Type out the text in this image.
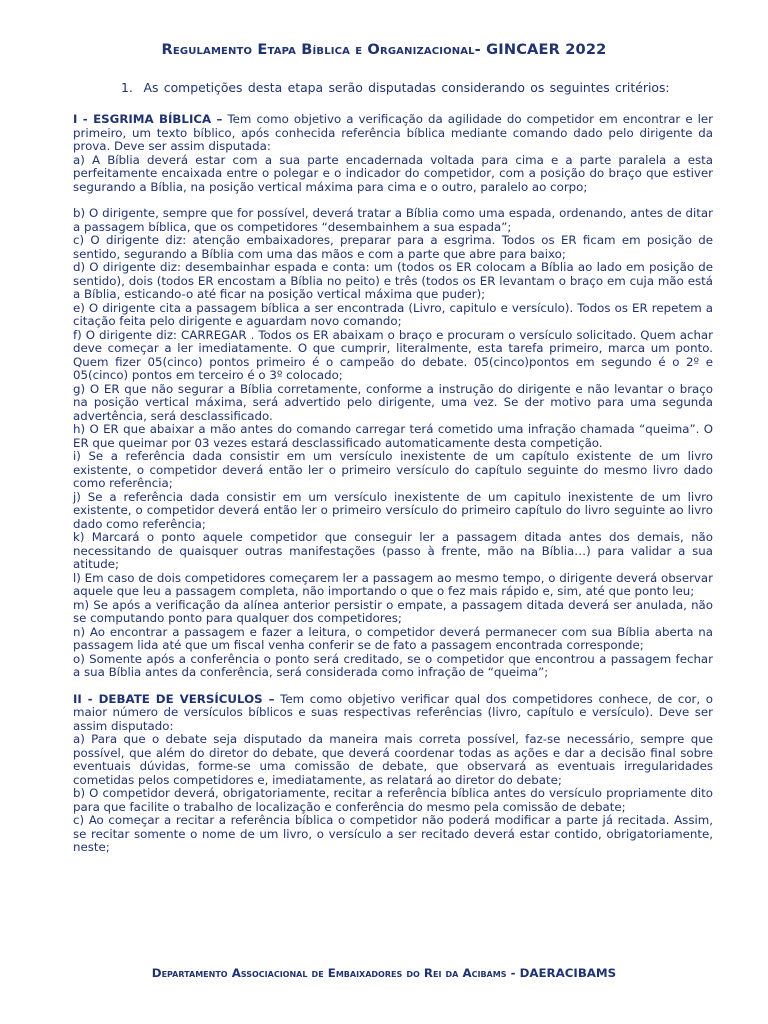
Regulamento Etapa Bíblica e Organizacional- GINCAER 2022
1. As competições desta etapa serão disputadas considerando os seguintes critérios:

I - ESGRIMA BÍBLICA – Tem como objetivo a verificação da agilidade do competidor em encontrar e ler primeiro, um texto bíblico, após conhecida referência bíblica mediante comando dado pelo dirigente da prova. Deve ser assim disputada:

a) A Bíblia deverá estar com a sua parte encadernada voltada para cima e a parte paralela a esta perfeitamente encaixada entre o polegar e o indicador do competidor, com a posição do braço que estiver segurando a Bíblia, na posição vertical máxima para cima e o outro, paralelo ao corpo;

b) O dirigente, sempre que for possível, deverá tratar a Bíblia como uma espada, ordenando, antes de ditar a passagem bíblica, que os competidores “desembainhem a sua espada”;

c) O dirigente diz: atenção embaixadores, preparar para a esgrima. Todos os ER ficam em posição de sentido, segurando a Bíblia com uma das mãos e com a parte que abre para baixo;

d) O dirigente diz: desembainhar espada e conta: um (todos os ER colocam a Bíblia ao lado em posição de sentido), dois (todos ER encostam a Bíblia no peito) e três (todos os ER levantam o braço em cuja mão está a Bíblia, esticando-o até ficar na posição vertical máxima que puder);

e) O dirigente cita a passagem bíblica a ser encontrada (Livro, capitulo e versículo). Todos os ER repetem a citação feita pelo dirigente e aguardam novo comando;

f) O dirigente diz: CARREGAR . Todos os ER abaixam o braço e procuram o versículo solicitado. Quem achar deve começar a ler imediatamente. O que cumprir, literalmente, esta tarefa primeiro, marca um ponto. Quem fizer 05(cinco) pontos primeiro é o campeão do debate. 05(cinco)pontos em segundo é o 2º e 05(cinco) pontos em terceiro é o 3º colocado;

g) O ER que não segurar a Bíblia corretamente, conforme a instrução do dirigente e não levantar o braço na posição vertical máxima, será advertido pelo dirigente, uma vez. Se der motivo para uma segunda advertência, será desclassificado.

h) O ER que abaixar a mão antes do comando carregar terá cometido uma infração chamada “queima”. O ER que queimar por 03 vezes estará desclassificado automaticamente desta competição.

i) Se a referência dada consistir em um versículo inexistente de um capítulo existente de um livro existente, o competidor deverá então ler o primeiro versículo do capítulo seguinte do mesmo livro dado como referência;

j) Se a referência dada consistir em um versículo inexistente de um capitulo inexistente de um livro existente, o competidor deverá então ler o primeiro versículo do primeiro capítulo do livro seguinte ao livro dado como referência;

k) Marcará o ponto aquele competidor que conseguir ler a passagem ditada antes dos demais, não necessitando de quaisquer outras manifestações (passo à frente, mão na Bíblia…) para validar a sua atitude;

l) Em caso de dois competidores começarem ler a passagem ao mesmo tempo, o dirigente deverá observar aquele que leu a passagem completa, não importando o que o fez mais rápido e, sim, até que ponto leu;

m) Se após a verificação da alínea anterior persistir o empate, a passagem ditada deverá ser anulada, não se computando ponto para qualquer dos competidores;

n) Ao encontrar a passagem e fazer a leitura, o competidor deverá permanecer com sua Bíblia aberta na passagem lida até que um fiscal venha conferir se de fato a passagem encontrada corresponde;

o) Somente após a conferência o ponto será creditado, se o competidor que encontrou a passagem fechar a sua Bíblia antes da conferência, será considerada como infração de “queima”;

II - DEBATE DE VERSÍCULOS – Tem como objetivo verificar qual dos competidores conhece, de cor, o maior número de versículos bíblicos e suas respectivas referências (livro, capítulo e versículo). Deve ser assim disputado:

a) Para que o debate seja disputado da maneira mais correta possível, faz-se necessário, sempre que possível, que além do diretor do debate, que deverá coordenar todas as ações e dar a decisão final sobre eventuais dúvidas, forme-se uma comissão de debate, que observará as eventuais irregularidades cometidas pelos competidores e, imediatamente, as relatará ao diretor do debate;

b) O competidor deverá, obrigatoriamente, recitar a referência bíblica antes do versículo propriamente dito para que facilite o trabalho de localização e conferência do mesmo pela comissão de debate;

c) Ao começar a recitar a referência bíblica o competidor não poderá modificar a parte já recitada. Assim, se recitar somente o nome de um livro, o versículo a ser recitado deverá estar contido, obrigatoriamente, neste;

Departamento Associacional de Embaixadores do Rei da Acibams - DAERACIBAMS
